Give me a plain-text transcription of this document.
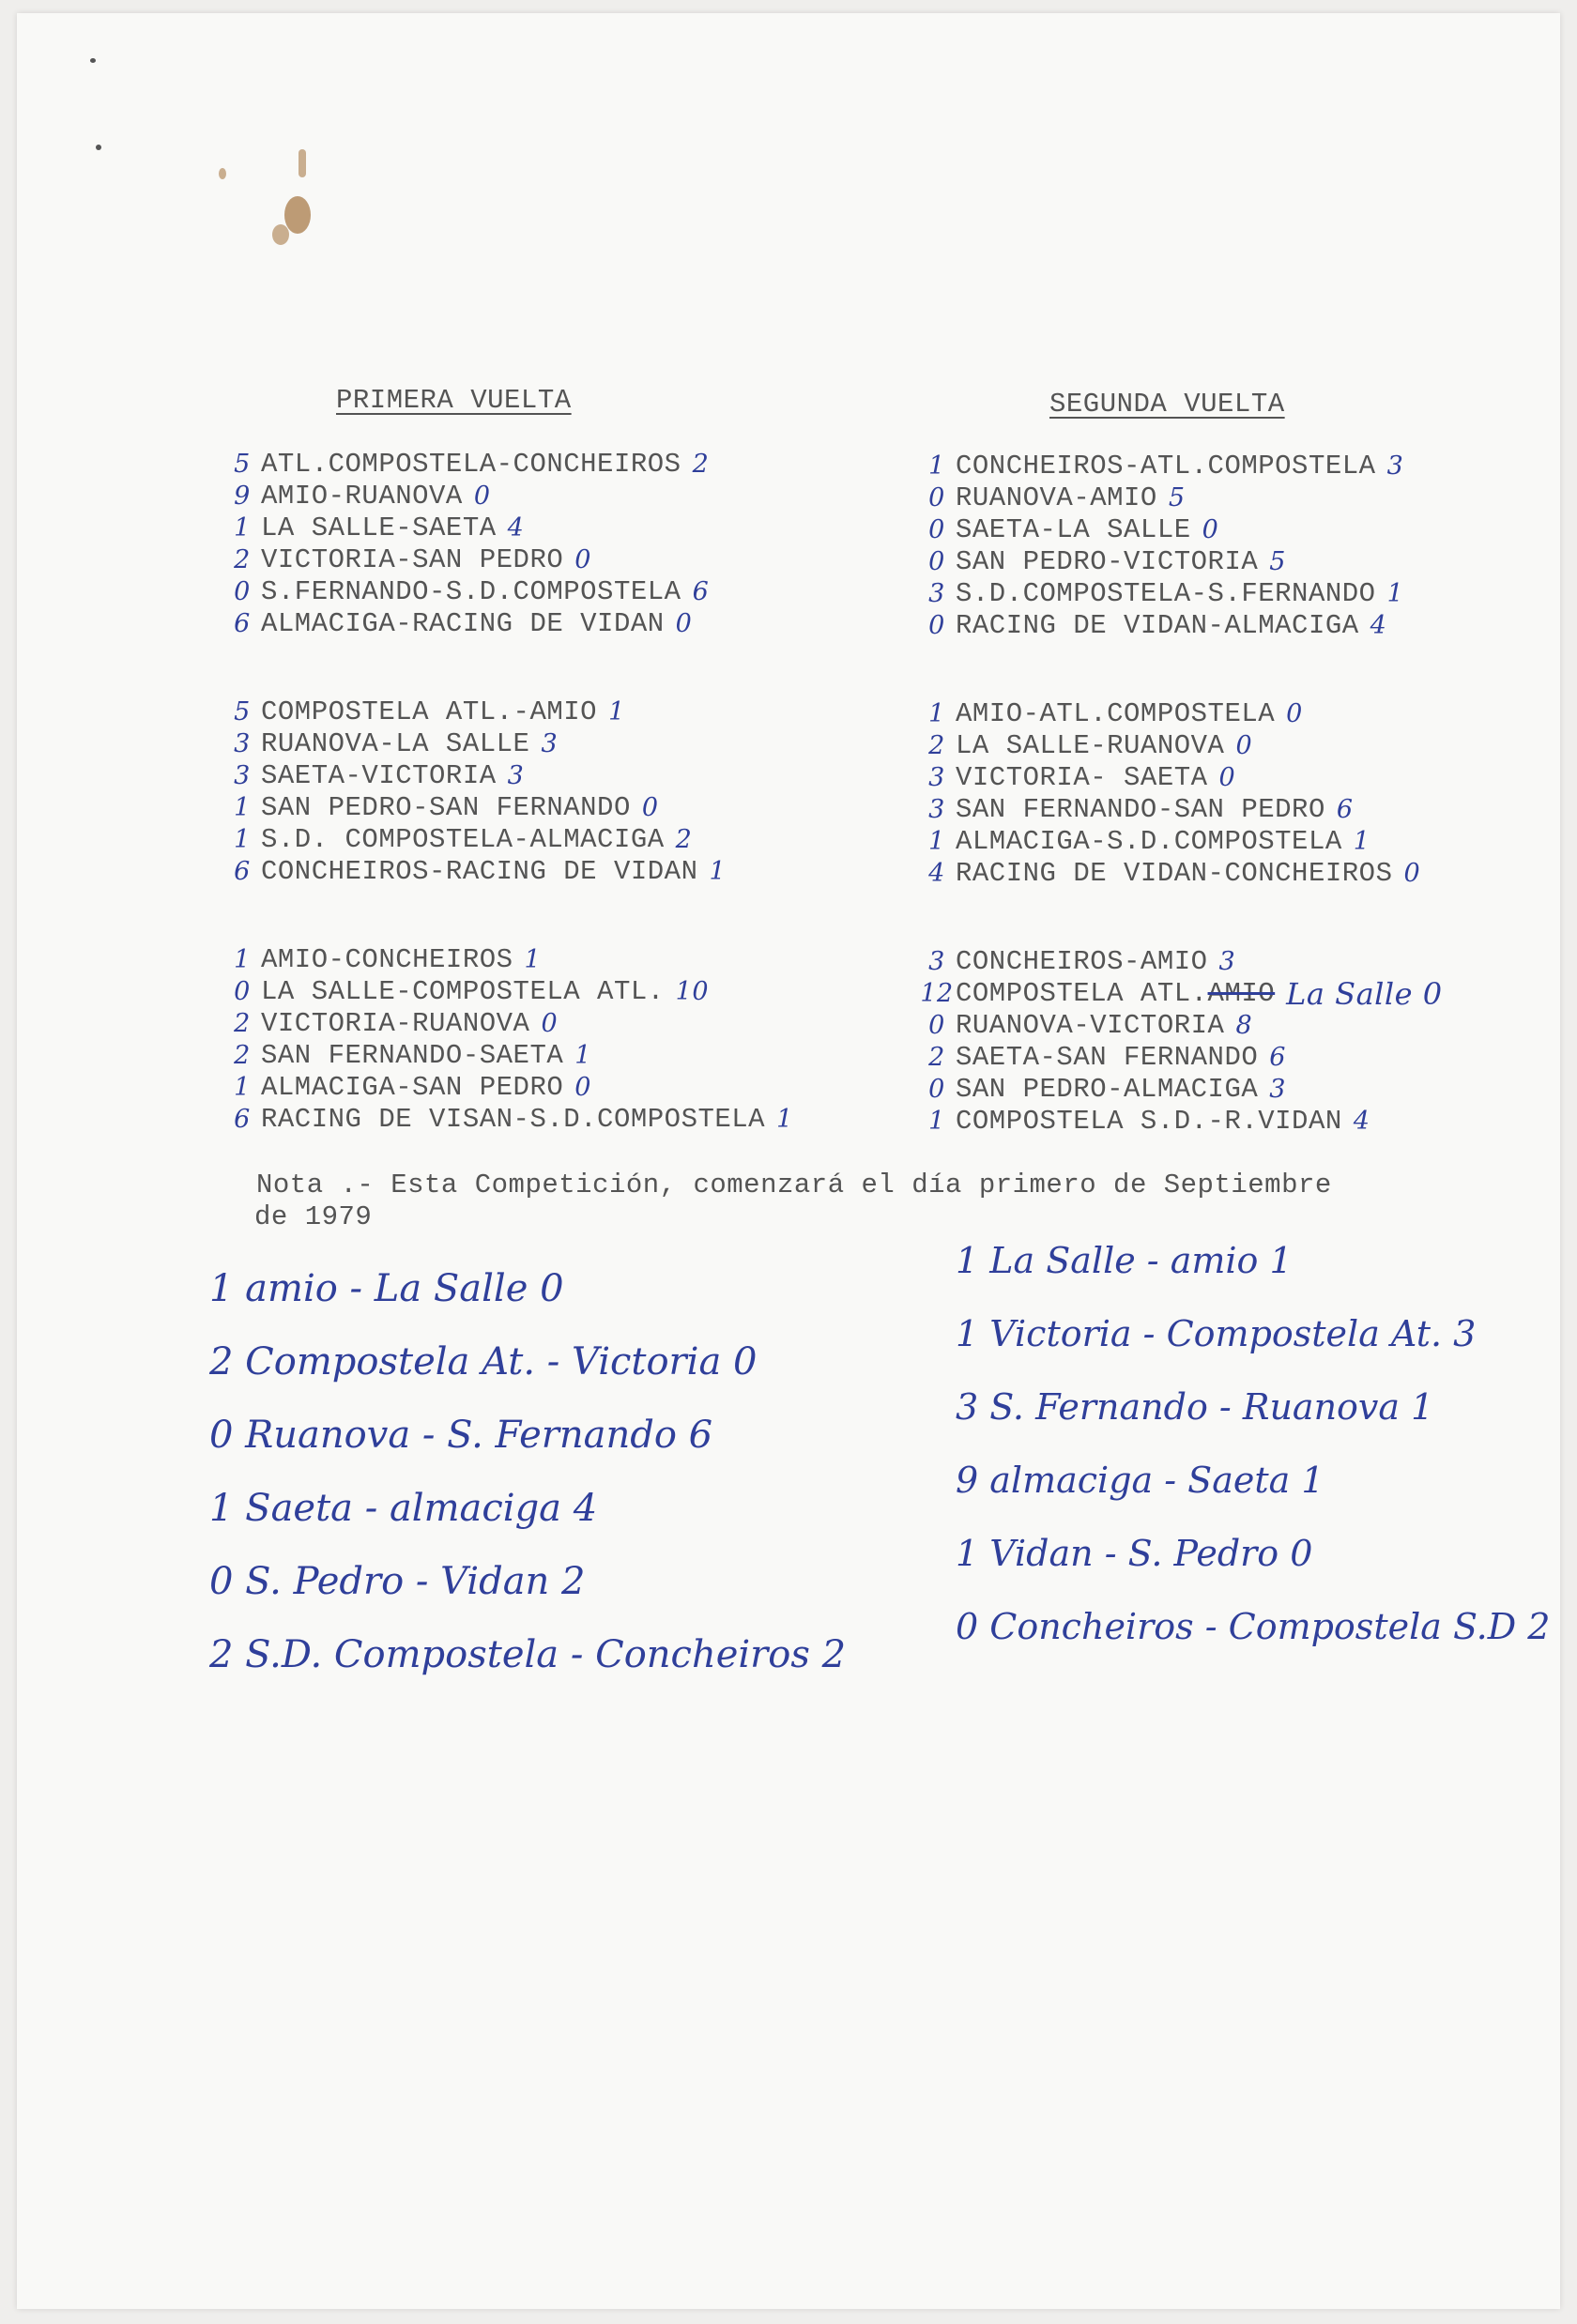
PRIMERA VUELTA	SEGUNDA VUELTA
5 ATL.COMPOSTELA-CONCHEIROS 2
9 AMIO-RUANOVA 0
1 LA SALLE-SAETA 4
2 VICTORIA-SAN PEDRO 0
0 S.FERNANDO-S.D.COMPOSTELA 6
6 ALMACIGA-RACING DE VIDAN 0
5 COMPOSTELA ATL.-AMIO 1
3 RUANOVA-LA SALLE 3
3 SAETA-VICTORIA 3
1 SAN PEDRO-SAN FERNANDO 0
1 S.D. COMPOSTELA-ALMACIGA 2
6 CONCHEIROS-RACING DE VIDAN 1
1 AMIO-CONCHEIROS 1
0 LA SALLE-COMPOSTELA ATL. 10
2 VICTORIA-RUANOVA 0
2 SAN FERNANDO-SAETA 1
1 ALMACIGA-SAN PEDRO 0
6 RACING DE VISAN-S.D.COMPOSTELA 1
1 CONCHEIROS-ATL.COMPOSTELA 3
0 RUANOVA-AMIO 5
0 SAETA-LA SALLE 0
0 SAN PEDRO-VICTORIA 5
3 S.D.COMPOSTELA-S.FERNANDO 1
0 RACING DE VIDAN-ALMACIGA 4
1 AMIO-ATL.COMPOSTELA 0
2 LA SALLE-RUANOVA 0
3 VICTORIA- SAETA 0
3 SAN FERNANDO-SAN PEDRO 6
1 ALMACIGA-S.D.COMPOSTELA 1
4 RACING DE VIDAN-CONCHEIROS 0
3 CONCHEIROS-AMIO 3
12 COMPOSTELA ATL. AMIO La Salle 0
0 RUANOVA-VICTORIA 8
2 SAETA-SAN FERNANDO 6
0 SAN PEDRO-ALMACIGA 3
1 COMPOSTELA S.D.-R.VIDAN 4
Nota .- Esta Competición, comenzará el día primero de Septiembre
de 1979
1 amio - La Salle 0
2 Compostela At. - Victoria 0
0 Ruanova - S. Fernando 6
1 Saeta - almaciga 4
0 S. Pedro - Vidan 2
2 S.D. Compostela - Concheiros 2
1 La Salle - amio 1
1 Victoria - Compostela At. 3
3 S. Fernando - Ruanova 1
9 almaciga - Saeta 1
1 Vidan - S. Pedro 0
0 Concheiros - Compostela S.D 2
